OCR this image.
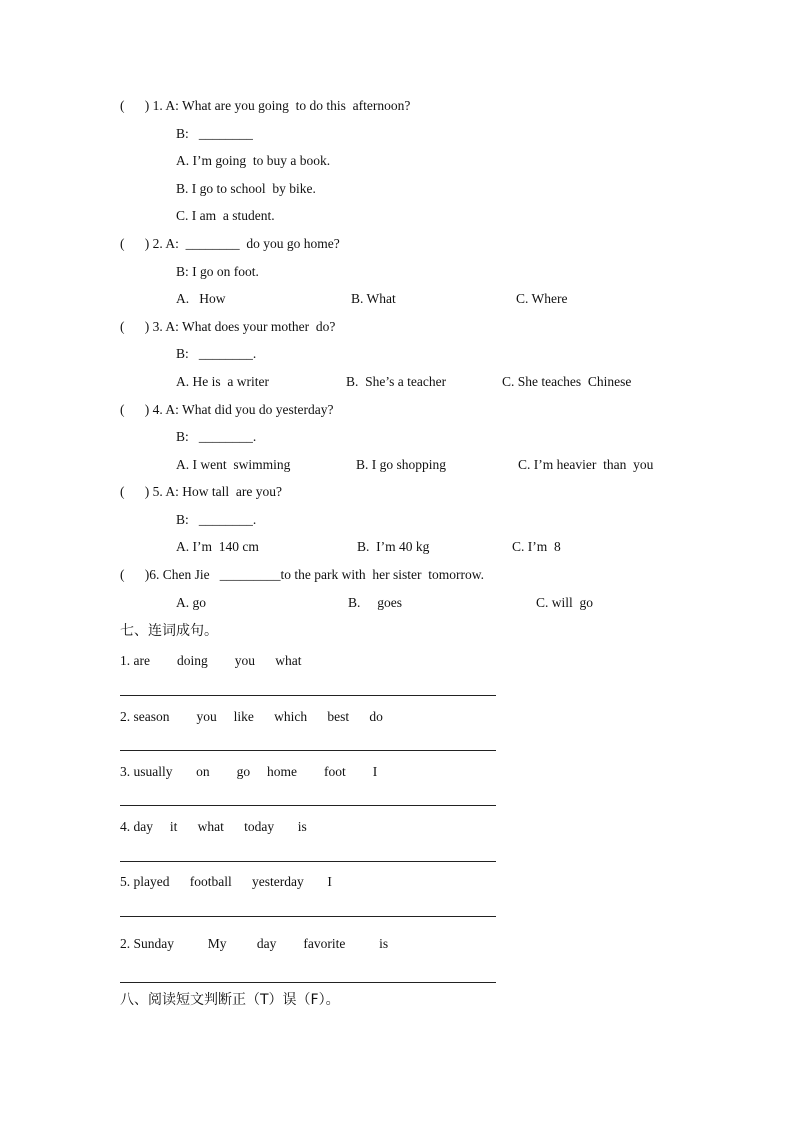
(      ) 1. A: What are you going  to do this  afternoon?
B:   ________
A. I’m going  to buy a book.
B. I go to school  by bike.
C. I am  a student.
(      ) 2. A:  ________  do you go home?
B: I go on foot.
A.   How	B. What	C. Where
(      ) 3. A: What does your mother  do?
B:   ________.
A. He is  a writer	B.  She’s a teacher	C. She teaches  Chinese
(      ) 4. A: What did you do yesterday?
B:   ________.
A. I went  swimming	B. I go shopping	C. I’m heavier  than  you
(      ) 5. A: How tall  are you?
B:   ________.
A. I’m  140 cm	B.  I’m 40 kg	C. I’m  8
(      )6. Chen Jie   _________to the park with  her sister  tomorrow.
A. go	B.     goes	C. will  go
七、连词成句。
1. are        doing        you      what
2. season        you     like      which      best      do
3. usually       on        go     home        foot        I
4. day     it      what      today       is
5. played      football      yesterday       I
2. Sunday          My         day        favorite          is
八、阅读短文判断正（T）误（F）。
